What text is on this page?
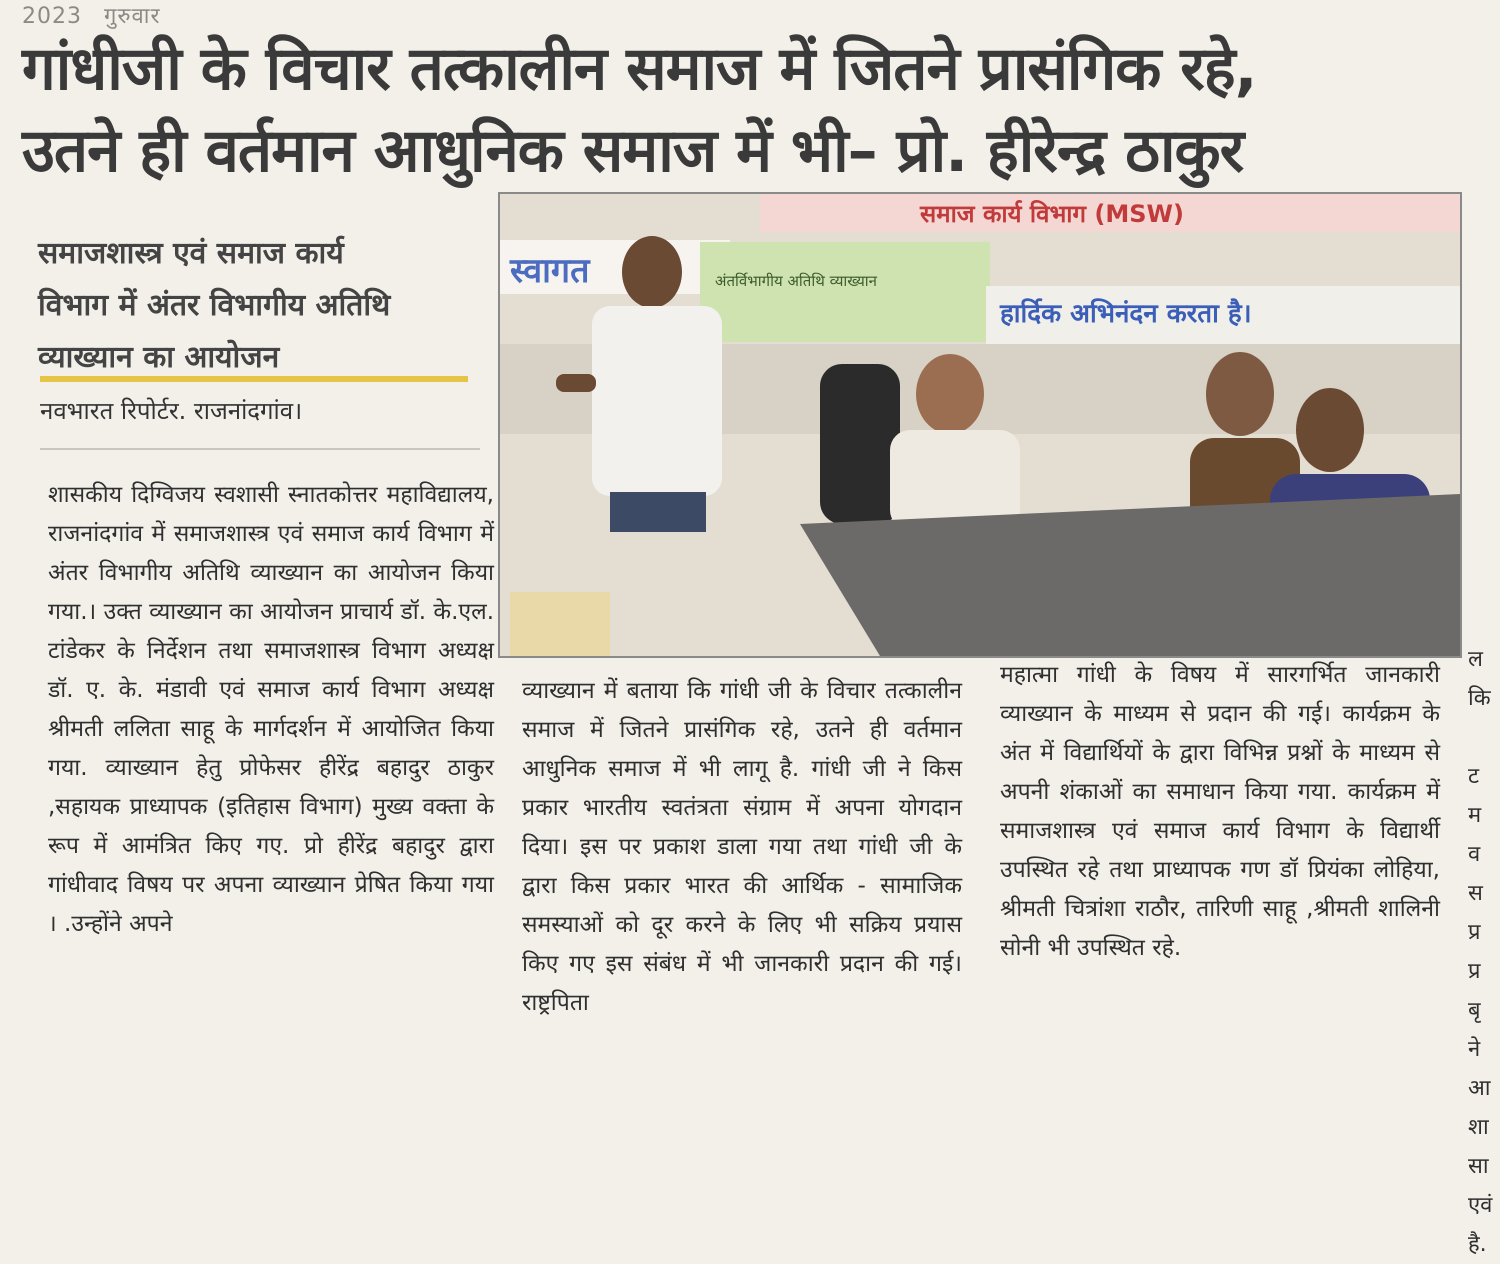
2023 गुरुवार
गांधीजी के विचार तत्कालीन समाज में जितने प्रासंगिक रहे,
उतने ही वर्तमान आधुनिक समाज में भी– प्रो. हीरेन्द्र ठाकुर
समाजशास्त्र एवं समाज कार्य
विभाग में अंतर विभागीय अतिथि
व्याख्यान का आयोजन
नवभारत रिपोर्टर. राजनांदगांव।
समाज कार्य विभाग (MSW)
स्वागत	अंतर्विभागीय अतिथि व्याख्यान
हार्दिक अभिनंदन करता है।
शासकीय दिग्विजय स्वशासी स्नातकोत्तर महाविद्यालय, राजनांदगांव में समाजशास्त्र एवं समाज कार्य विभाग में अंतर विभागीय अतिथि व्याख्यान का आयोजन किया गया.। उक्त व्याख्यान का आयोजन प्राचार्य डॉ. के.एल. टांडेकर के निर्देशन तथा समाजशास्त्र विभाग अध्यक्ष डॉ. ए. के. मंडावी एवं समाज कार्य विभाग अध्यक्ष श्रीमती ललिता साहू के मार्गदर्शन में आयोजित किया गया. व्याख्यान हेतु प्रोफेसर हीरेंद्र बहादुर ठाकुर ,सहायक प्राध्यापक (इतिहास विभाग) मुख्य वक्ता के रूप में आमंत्रित किए गए. प्रो हीरेंद्र बहादुर द्वारा गांधीवाद विषय पर अपना व्याख्यान प्रेषित किया गया । .उन्होंने अपने
व्याख्यान में बताया कि गांधी जी के विचार तत्कालीन समाज में जितने प्रासंगिक रहे, उतने ही वर्तमान आधुनिक समाज में भी लागू है. गांधी जी ने किस प्रकार भारतीय स्वतंत्रता संग्राम में अपना योगदान दिया। इस पर प्रकाश डाला गया तथा गांधी जी के द्वारा किस प्रकार भारत की आर्थिक - सामाजिक समस्याओं को दूर करने के लिए भी सक्रिय प्रयास किए गए इस संबंध में भी जानकारी प्रदान की गई। राष्ट्रपिता
महात्मा गांधी के विषय में सारगर्भित जानकारी व्याख्यान के माध्यम से प्रदान की गई। कार्यक्रम के अंत में विद्यार्थियों के द्वारा विभिन्न प्रश्नों के माध्यम से अपनी शंकाओं का समाधान किया गया. कार्यक्रम में समाजशास्त्र एवं समाज कार्य विभाग के विद्यार्थी उपस्थित रहे तथा प्राध्यापक गण डॉ प्रियंका लोहिया, श्रीमती चित्रांशा राठौर, तारिणी साहू ,श्रीमती शालिनी सोनी भी उपस्थित रहे.
ल
कि

ट
म
व
स
प्र
प्र
बृ
ने
आ
शा
सा
एवं
है.
